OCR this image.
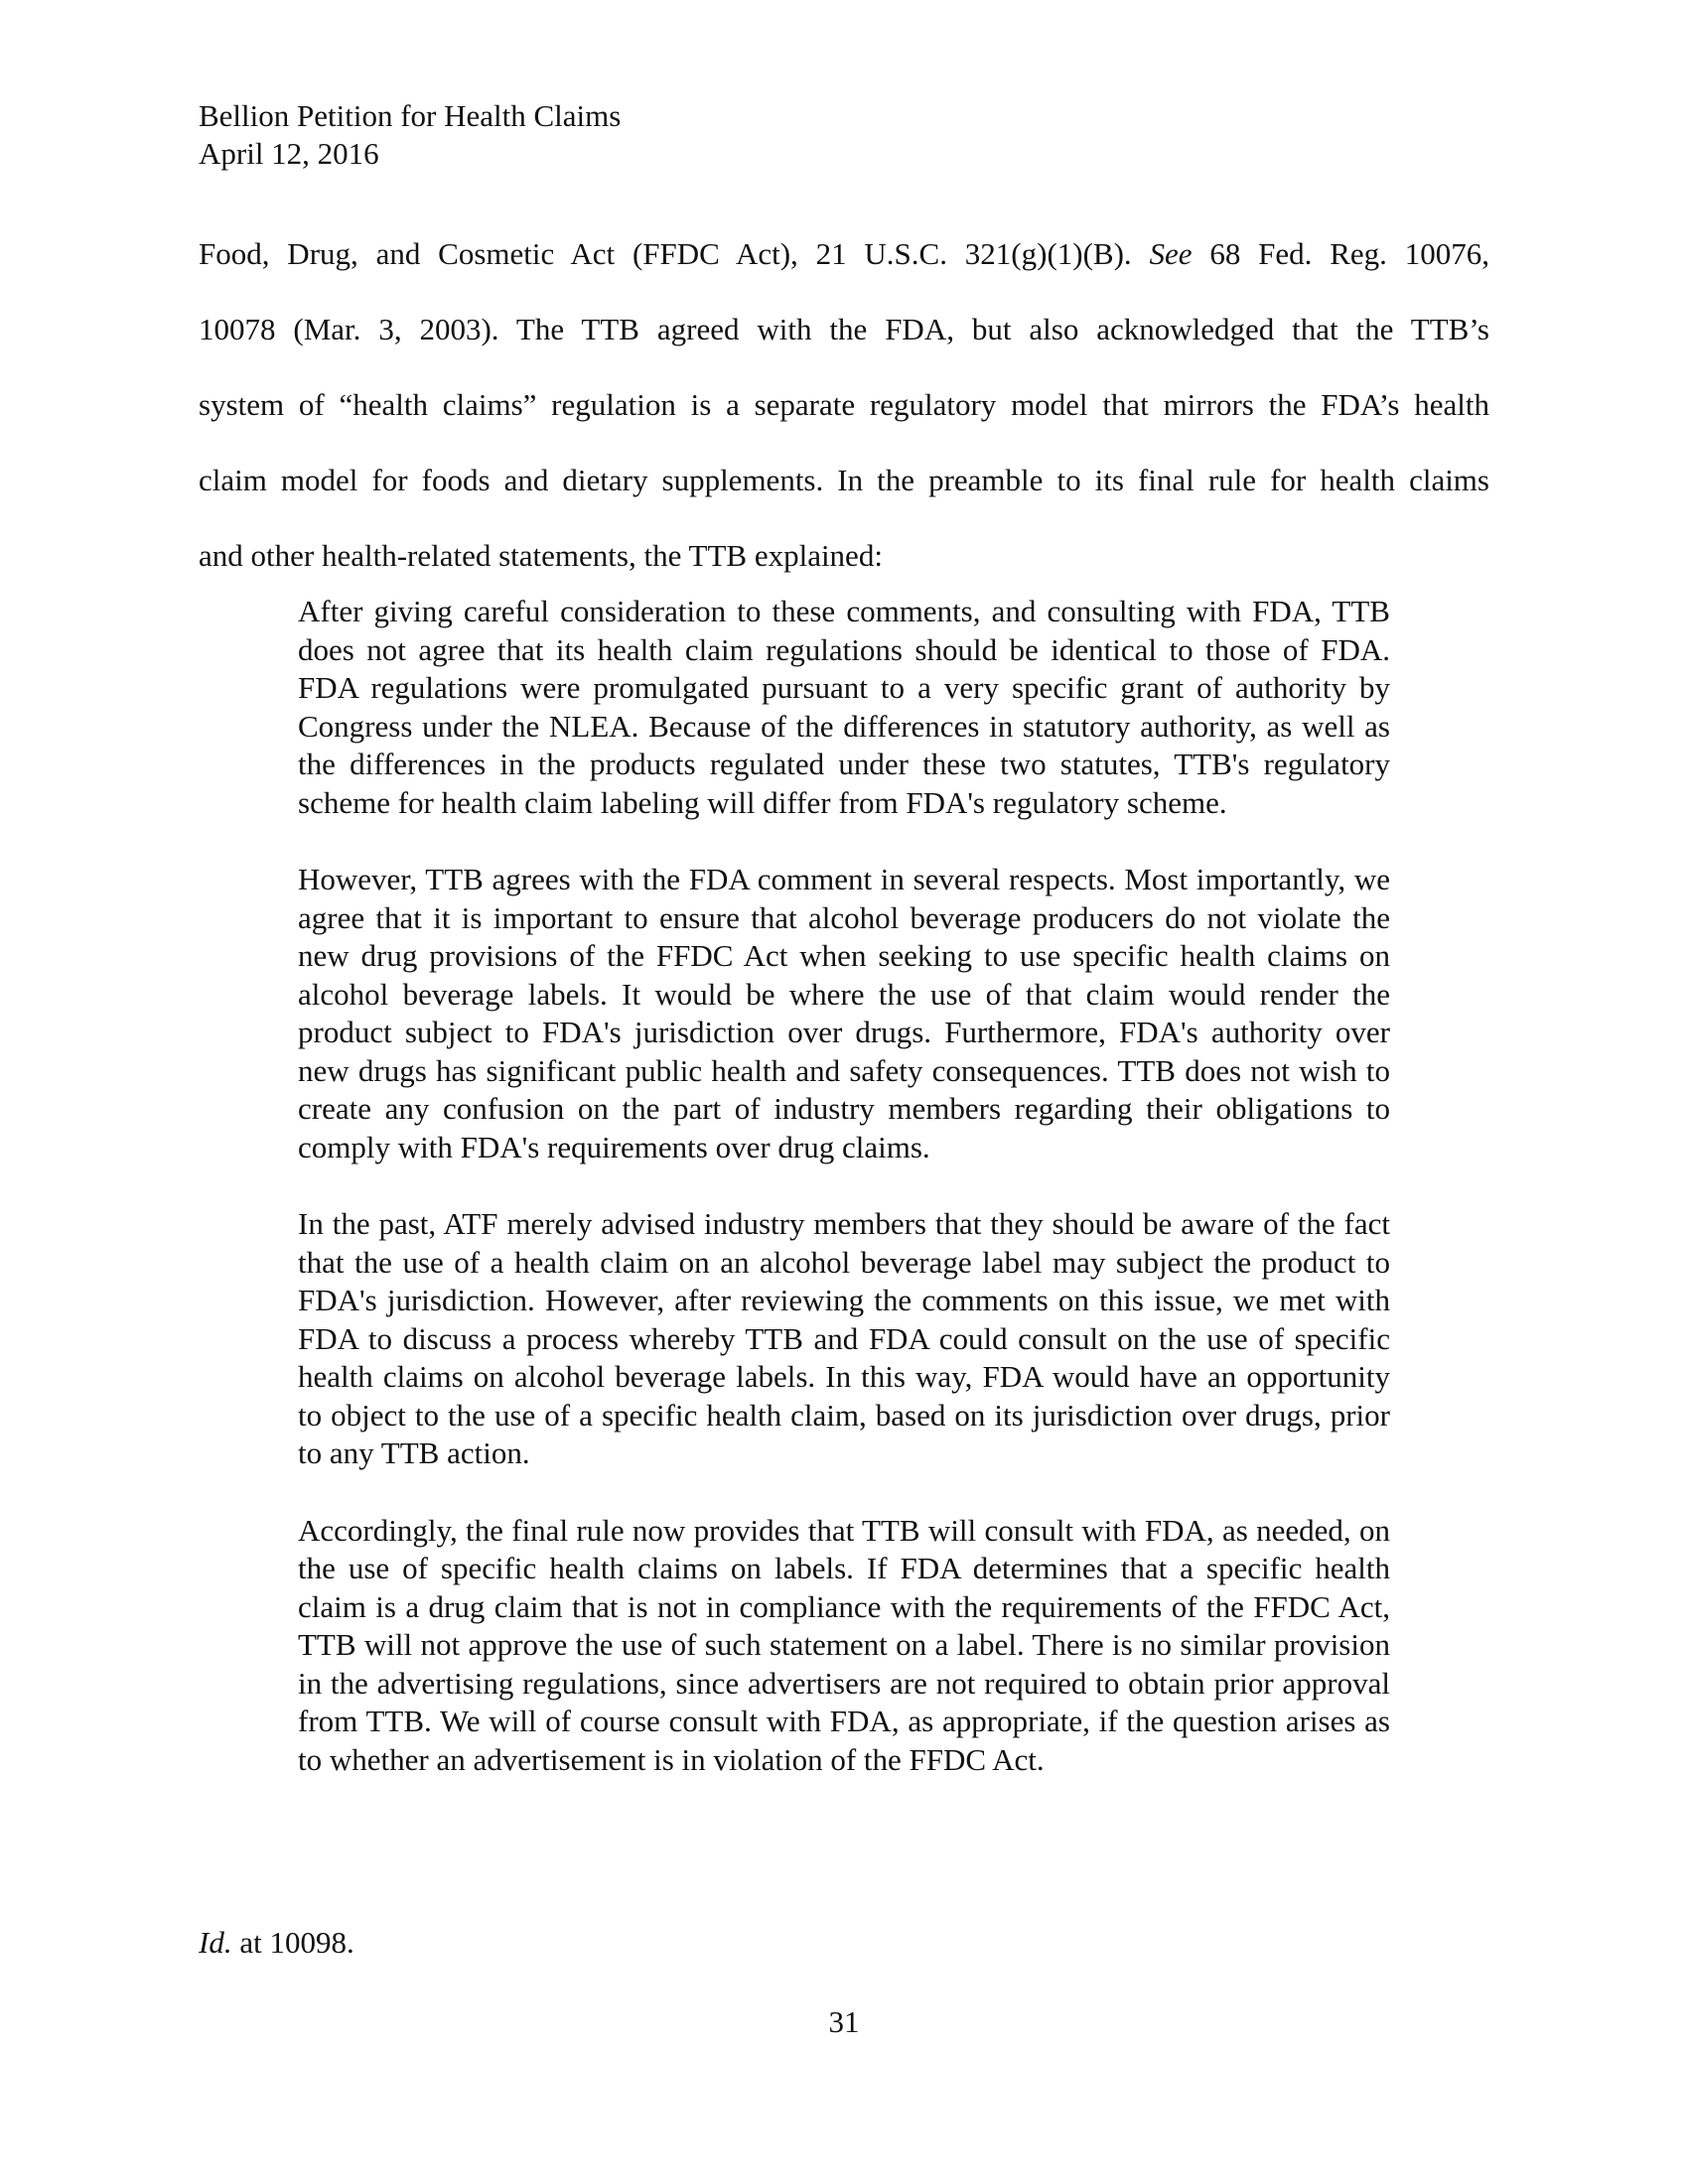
Bellion Petition for Health Claims
April 12, 2016
Food, Drug, and Cosmetic Act (FFDC Act), 21 U.S.C. 321(g)(1)(B). See 68 Fed. Reg. 10076,
10078 (Mar. 3, 2003). The TTB agreed with the FDA, but also acknowledged that the TTB’s
system of “health claims” regulation is a separate regulatory model that mirrors the FDA’s health
claim model for foods and dietary supplements. In the preamble to its final rule for health claims
and other health-related statements, the TTB explained:

After giving careful consideration to these comments, and consulting with FDA, TTB does not agree that its health claim regulations should be identical to those of FDA. FDA regulations were promulgated pursuant to a very specific grant of authority by Congress under the NLEA. Because of the differences in statutory authority, as well as the differences in the products regulated under these two statutes, TTB's regulatory scheme for health claim labeling will differ from FDA's regulatory scheme.

However, TTB agrees with the FDA comment in several respects. Most importantly, we agree that it is important to ensure that alcohol beverage producers do not violate the new drug provisions of the FFDC Act when seeking to use specific health claims on alcohol beverage labels. It would be where the use of that claim would render the product subject to FDA's jurisdiction over drugs. Furthermore, FDA's authority over new drugs has significant public health and safety consequences. TTB does not wish to create any confusion on the part of industry members regarding their obligations to comply with FDA's requirements over drug claims.

In the past, ATF merely advised industry members that they should be aware of the fact that the use of a health claim on an alcohol beverage label may subject the product to FDA's jurisdiction. However, after reviewing the comments on this issue, we met with FDA to discuss a process whereby TTB and FDA could consult on the use of specific health claims on alcohol beverage labels. In this way, FDA would have an opportunity to object to the use of a specific health claim, based on its jurisdiction over drugs, prior to any TTB action.

Accordingly, the final rule now provides that TTB will consult with FDA, as needed, on the use of specific health claims on labels. If FDA determines that a specific health claim is a drug claim that is not in compliance with the requirements of the FFDC Act, TTB will not approve the use of such statement on a label. There is no similar provision in the advertising regulations, since advertisers are not required to obtain prior approval from TTB. We will of course consult with FDA, as appropriate, if the question arises as to whether an advertisement is in violation of the FFDC Act.

Id. at 10098.
31
